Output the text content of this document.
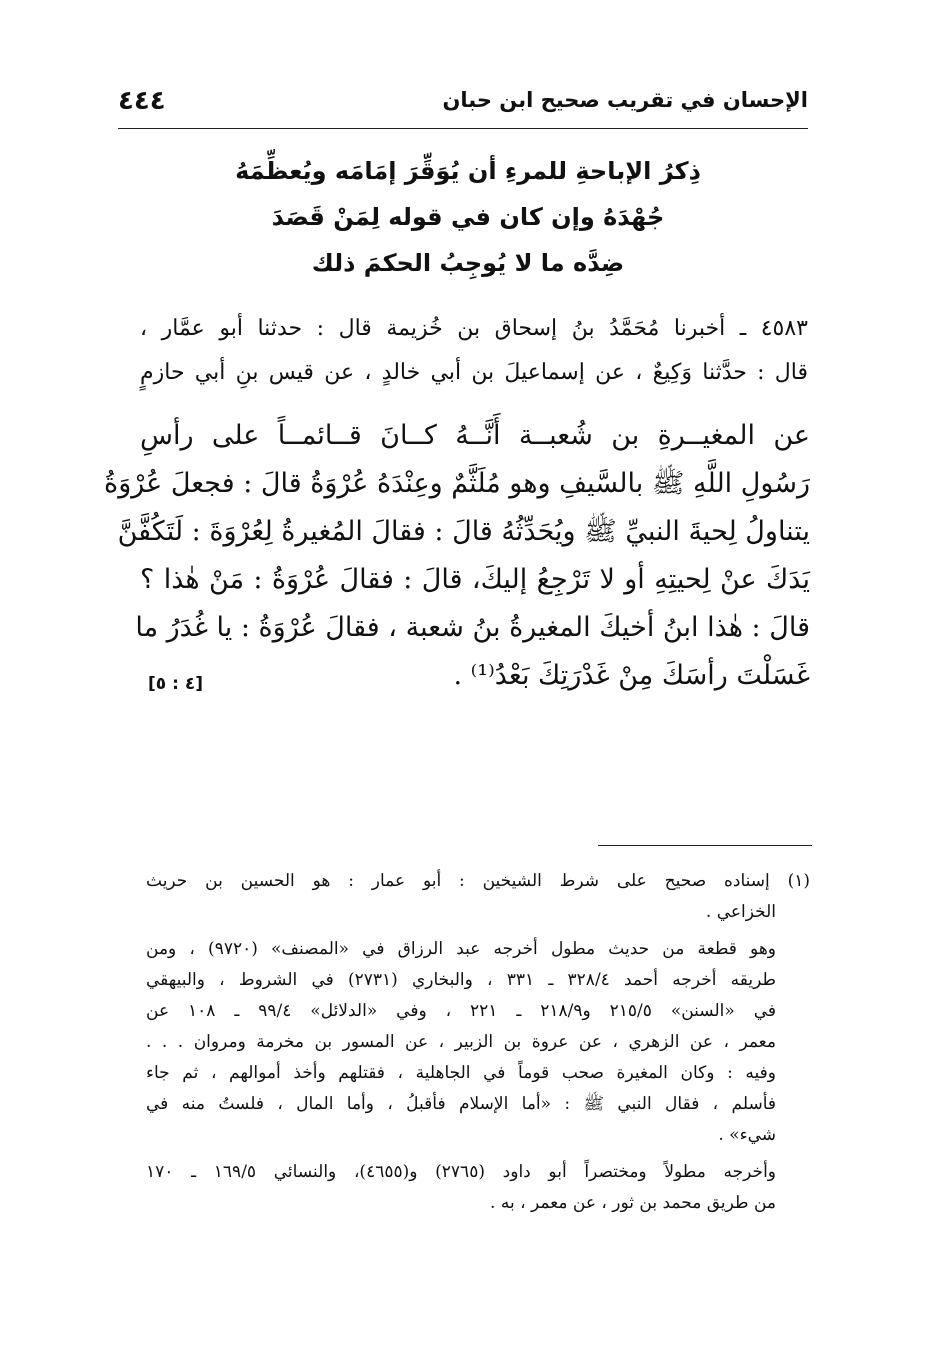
الإحسان في تقريب صحيح ابن حبان
٤٤٤
ذِكرُ الإباحةِ للمرءِ أن يُوَقِّرَ إمَامَه ويُعظِّمَهُ
جُهْدَهُ وإن كان في قوله لِمَنْ قَصَدَ
ضِدَّه ما لا يُوجِبُ الحكمَ ذلك

٤٥٨٣ ـ أخبرنا مُحَمَّدُ بنُ إسحاق بن خُزيمة قال : حدثنا أبو عمَّار ،
قال : حدَّثنا وَكِيعٌ ، عن إسماعيلَ بن أبي خالدٍ ، عن قيس بنِ أبي حازمٍ

عن المغيــرةِ بن شُعبــة أَنَّــهُ كــانَ قــائمــاً على رأسِ
رَسُولِ اللَّهِ ﷺ بالسَّيفِ وهو مُلَثَّمٌ وعِنْدَهُ عُرْوَةُ قالَ : فجعلَ عُرْوَةُ
يتناولُ لِحيةَ النبيِّ ﷺ ويُحَدِّثُهُ قالَ : فقالَ المُغيرةُ لِعُرْوَةَ : لَتَكُفَّنَّ
يَدَكَ عنْ لِحيتِهِ أو لا تَرْجِعُ إليكَ، قالَ : فقالَ عُرْوَةُ : مَنْ هٰذا ؟
قالَ : هٰذا ابنُ أخيكَ المغيرةُ بنُ شعبة ، فقالَ عُرْوَةُ : يا غُدَرُ ما
غَسَلْتَ رأسَكَ مِنْ غَدْرَتِكَ بَعْدُ⁽¹⁾ .

[٤ : ٥]

(١) إسناده صحيح على شرط الشيخين : أبو عمار : هو الحسين بن حريث
الخزاعي .

وهو قطعة من حديث مطول أخرجه عبد الرزاق في «المصنف» (٩٧٢٠) ، ومن
طريقه أخرجه أحمد ٣٢٨/٤ ـ ٣٣١ ، والبخاري (٢٧٣١) في الشروط ، والبيهقي
في «السنن» ٢١٥/٥ و٢١٨/٩ ـ ٢٢١ ، وفي «الدلائل» ٩٩/٤ ـ ١٠٨ عن
معمر ، عن الزهري ، عن عروة بن الزبير ، عن المسور بن مخرمة ومروان . . .
وفيه : وكان المغيرة صحب قوماً في الجاهلية ، فقتلهم وأخذ أموالهم ، ثم جاء
فأسلم ، فقال النبي ﷺ : «أما الإسلام فأقبلُ ، وأما المال ، فلستُ منه في
شيء» .

وأخرجه مطولاً ومختصراً أبو داود (٢٧٦٥) و(٤٦٥٥)، والنسائي ١٦٩/٥ ـ ١٧٠
من طريق محمد بن ثور ، عن معمر ، به .
